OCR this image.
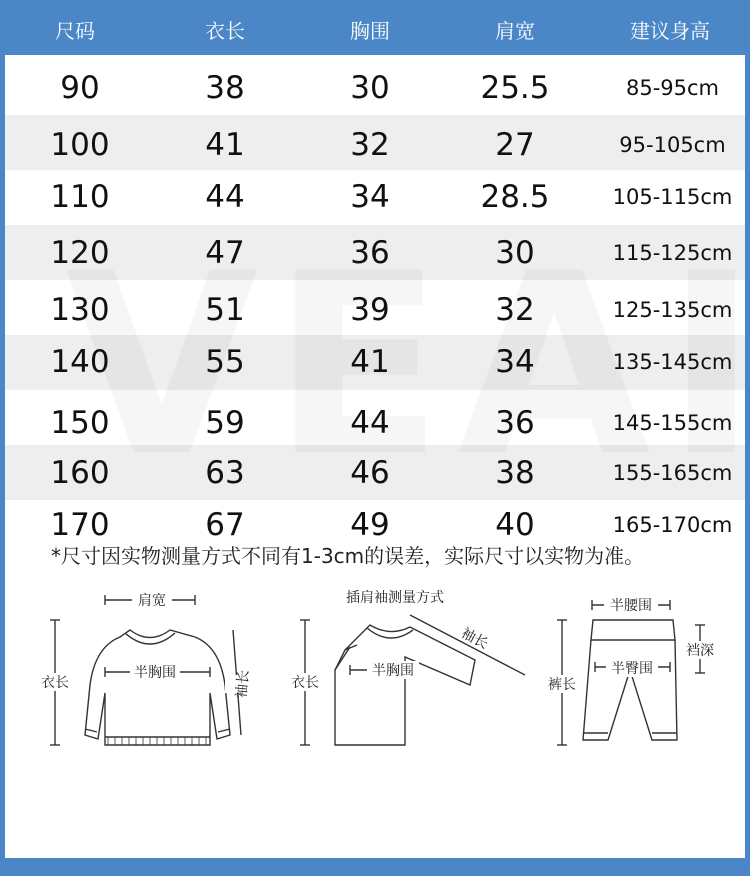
尺码	衣长	胸围	肩宽	建议身高
90	38	30	25.5	85-95cm
100	41	32	27	95-105cm
110	44	34	28.5	105-115cm
120	47	36	30	115-125cm
130	51	39	32	125-135cm
140	55	41	34	135-145cm
150	59	44	36	145-155cm
160	63	46	38	155-165cm
170	67	49	40	165-170cm
*尺寸因实物测量方式不同有1-3cm的误差，实际尺寸以实物为准。
肩宽
衣长
半胸围	袖长
插肩袖测量方式
衣长
半胸围
袖长
半腰围
裤长
半臀围
裆深
